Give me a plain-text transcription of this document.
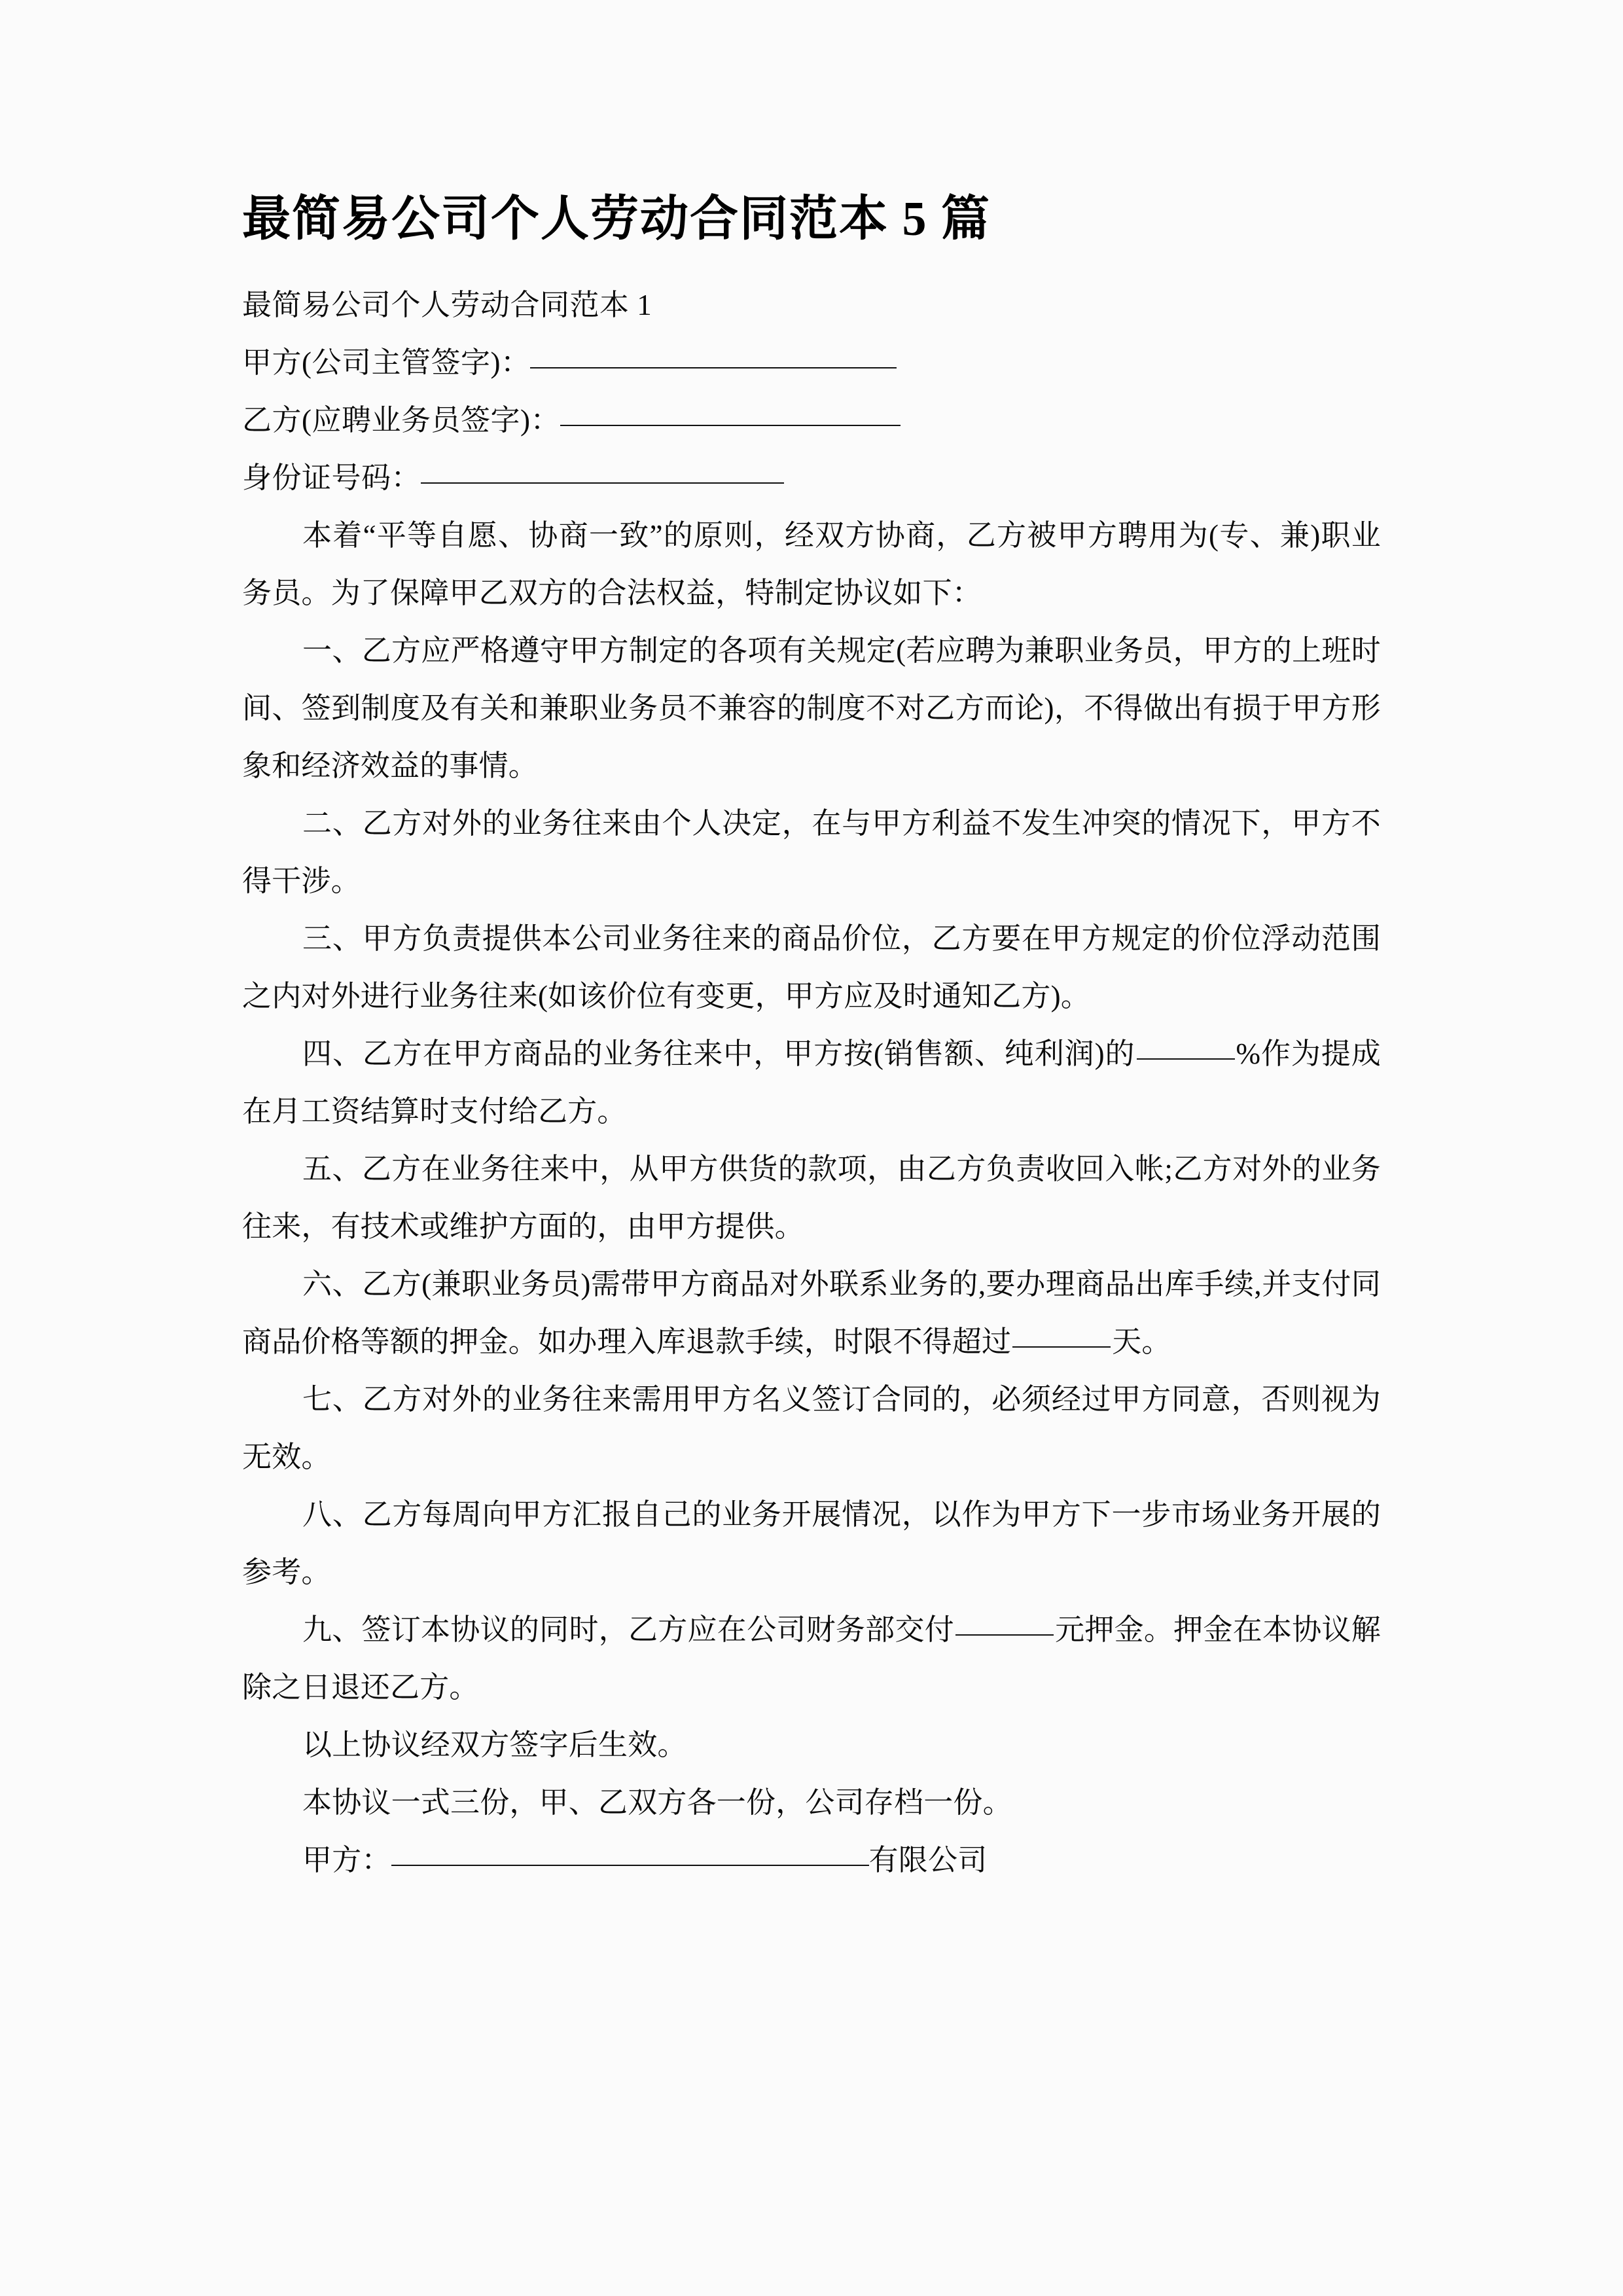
最简易公司个人劳动合同范本 5 篇

最简易公司个人劳动合同范本 1

甲方(公司主管签字)：

乙方(应聘业务员签字)：

身份证号码：

本着“平等自愿、协商一致”的原则，经双方协商，乙方被甲方聘用为(专、兼)职业务员。为了保障甲乙双方的合法权益，特制定协议如下：

一、乙方应严格遵守甲方制定的各项有关规定(若应聘为兼职业务员，甲方的上班时间、签到制度及有关和兼职业务员不兼容的制度不对乙方而论)，不得做出有损于甲方形象和经济效益的事情。

二、乙方对外的业务往来由个人决定，在与甲方利益不发生冲突的情况下，甲方不得干涉。

三、甲方负责提供本公司业务往来的商品价位，乙方要在甲方规定的价位浮动范围之内对外进行业务往来(如该价位有变更，甲方应及时通知乙方)。

四、乙方在甲方商品的业务往来中，甲方按(销售额、纯利润)的	%作为提成在月工资结算时支付给乙方。

五、乙方在业务往来中，从甲方供货的款项，由乙方负责收回入帐;乙方对外的业务往来，有技术或维护方面的，由甲方提供。

六、乙方(兼职业务员)需带甲方商品对外联系业务的,要办理商品出库手续,并支付同商品价格等额的押金。如办理入库退款手续，时限不得超过	天。

七、乙方对外的业务往来需用甲方名义签订合同的，必须经过甲方同意，否则视为无效。

八、乙方每周向甲方汇报自己的业务开展情况，以作为甲方下一步市场业务开展的参考。

九、签订本协议的同时，乙方应在公司财务部交付	元押金。押金在本协议解除之日退还乙方。

以上协议经双方签字后生效。

本协议一式三份，甲、乙双方各一份，公司存档一份。

甲方：	有限公司
